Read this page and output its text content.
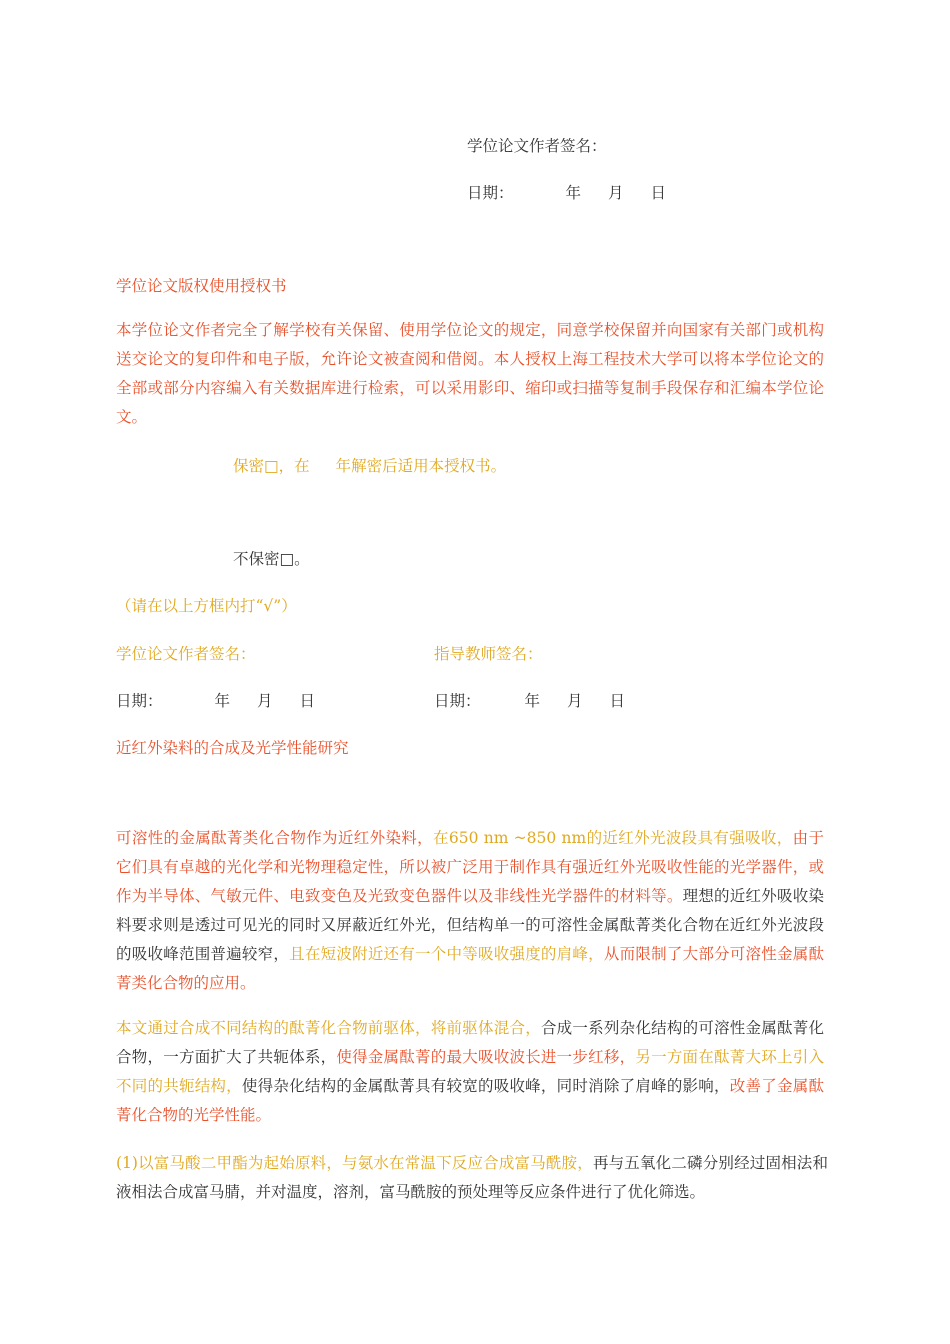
学位论文作者签名：
日期：	年 月 日
学位论文版权使用授权书
本学位论文作者完全了解学校有关保留、使用学位论文的规定，同意学校保留并向国家有关部门或机构送交论文的复印件和电子版，允许论文被查阅和借阅。本人授权上海工程技术大学可以将本学位论文的全部或部分内容编入有关数据库进行检索，可以采用影印、缩印或扫描等复制手段保存和汇编本学位论文。
保密□，在 年解密后适用本授权书。
不保密□。
（请在以上方框内打“√”）
学位论文作者签名：	指导教师签名：
日期：	年 月 日	日期：	年 月 日
近红外染料的合成及光学性能研究
可溶性的金属酞菁类化合物作为近红外染料，在650 nm ~850 nm的近红外光波段具有强吸收，由于它们具有卓越的光化学和光物理稳定性，所以被广泛用于制作具有强近红外光吸收性能的光学器件，或作为半导体、气敏元件、电致变色及光致变色器件以及非线性光学器件的材料等。理想的近红外吸收染料要求则是透过可见光的同时又屏蔽近红外光，但结构单一的可溶性金属酞菁类化合物在近红外光波段的吸收峰范围普遍较窄，且在短波附近还有一个中等吸收强度的肩峰，从而限制了大部分可溶性金属酞菁类化合物的应用。
本文通过合成不同结构的酞菁化合物前驱体，将前驱体混合，合成一系列杂化结构的可溶性金属酞菁化合物，一方面扩大了共轭体系，使得金属酞菁的最大吸收波长进一步红移，另一方面在酞菁大环上引入不同的共轭结构，使得杂化结构的金属酞菁具有较宽的吸收峰，同时消除了肩峰的影响，改善了金属酞菁化合物的光学性能。
(1)以富马酸二甲酯为起始原料，与氨水在常温下反应合成富马酰胺，再与五氧化二磷分别经过固相法和液相法合成富马腈，并对温度，溶剂，富马酰胺的预处理等反应条件进行了优化筛选。
